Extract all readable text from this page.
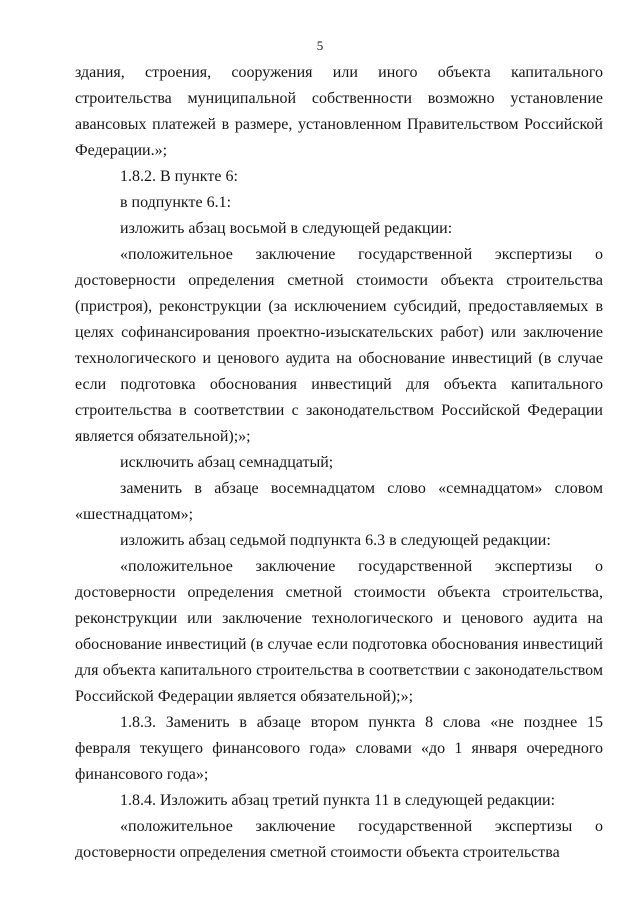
5

здания, строения, сооружения или иного объекта капитального строительства муниципальной собственности возможно установление авансовых платежей в размере, установленном Правительством Российской Федерации.»;

1.8.2. В пункте 6:

в подпункте 6.1:

изложить абзац восьмой в следующей редакции:

«положительное заключение государственной экспертизы о достоверности определения сметной стоимости объекта строительства (пристроя), реконструкции (за исключением субсидий, предоставляемых в целях софинансирования проектно-изыскательских работ) или заключение технологического и ценового аудита на обоснование инвестиций (в случае если подготовка обоснования инвестиций для объекта капитального строительства в соответствии с законодательством Российской Федерации является обязательной);»;

исключить абзац семнадцатый;

заменить в абзаце восемнадцатом слово «семнадцатом» словом «шестнадцатом»;

изложить абзац седьмой подпункта 6.3 в следующей редакции:

«положительное заключение государственной экспертизы о достоверности определения сметной стоимости объекта строительства, реконструкции или заключение технологического и ценового аудита на обоснование инвестиций (в случае если подготовка обоснования инвестиций для объекта капитального строительства в соответствии с законодательством Российской Федерации является обязательной);»;

1.8.3. Заменить в абзаце втором пункта 8 слова «не позднее 15 февраля текущего финансового года» словами «до 1 января очередного финансового года»;

1.8.4. Изложить абзац третий пункта 11 в следующей редакции:

«положительное заключение государственной экспертизы о достоверности определения сметной стоимости объекта строительства
